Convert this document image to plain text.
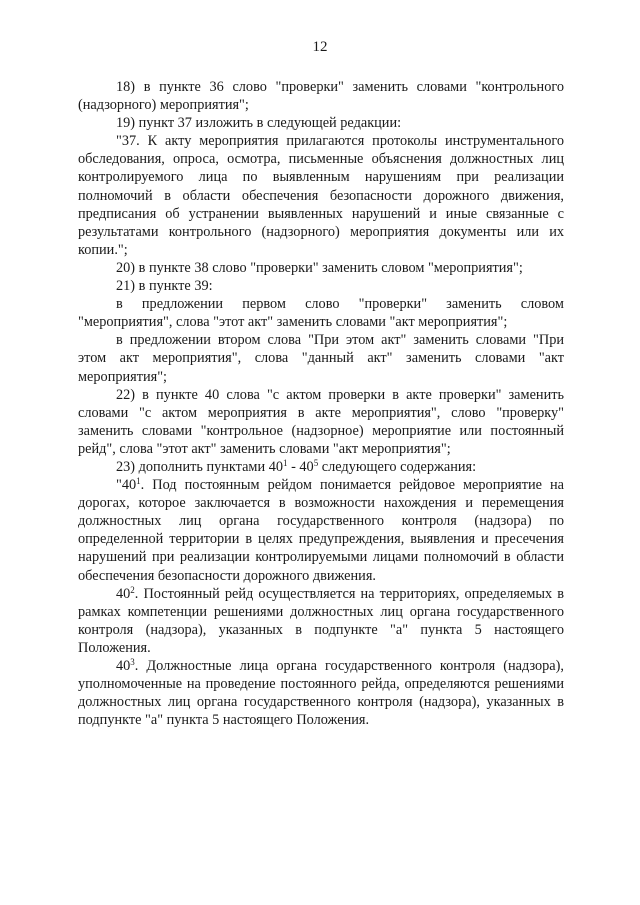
12

18) в пункте 36 слово "проверки" заменить словами "контрольного (надзорного) мероприятия";

19) пункт 37 изложить в следующей редакции:

"37. К акту мероприятия прилагаются протоколы инструментального обследования, опроса, осмотра, письменные объяснения должностных лиц контролируемого лица по выявленным нарушениям при реализации полномочий в области обеспечения безопасности дорожного движения, предписания об устранении выявленных нарушений и иные связанные с результатами контрольного (надзорного) мероприятия документы или их копии.";

20) в пункте 38 слово "проверки" заменить словом "мероприятия";

21) в пункте 39:

в предложении первом слово "проверки" заменить словом "мероприятия", слова "этот акт" заменить словами "акт мероприятия";

в предложении втором слова "При этом акт" заменить словами "При этом акт мероприятия", слова "данный акт" заменить словами "акт мероприятия";

22) в пункте 40 слова "с актом проверки в акте проверки" заменить словами "с актом мероприятия в акте мероприятия", слово "проверку" заменить словами "контрольное (надзорное) мероприятие или постоянный рейд", слова "этот акт" заменить словами "акт мероприятия";

23) дополнить пунктами $40^1 - 40^5$ следующего содержания:

"$40^1$. Под постоянным рейдом понимается рейдовое мероприятие на дорогах, которое заключается в возможности нахождения и перемещения должностных лиц органа государственного контроля (надзора) по определенной территории в целях предупреждения, выявления и пресечения нарушений при реализации контролируемыми лицами полномочий в области обеспечения безопасности дорожного движения.

$40^2$. Постоянный рейд осуществляется на территориях, определяемых в рамках компетенции решениями должностных лиц органа государственного контроля (надзора), указанных в подпункте "а" пункта 5 настоящего Положения.

$40^3$. Должностные лица органа государственного контроля (надзора), уполномоченные на проведение постоянного рейда, определяются решениями должностных лиц органа государственного контроля (надзора), указанных в подпункте "а" пункта 5 настоящего Положения.
